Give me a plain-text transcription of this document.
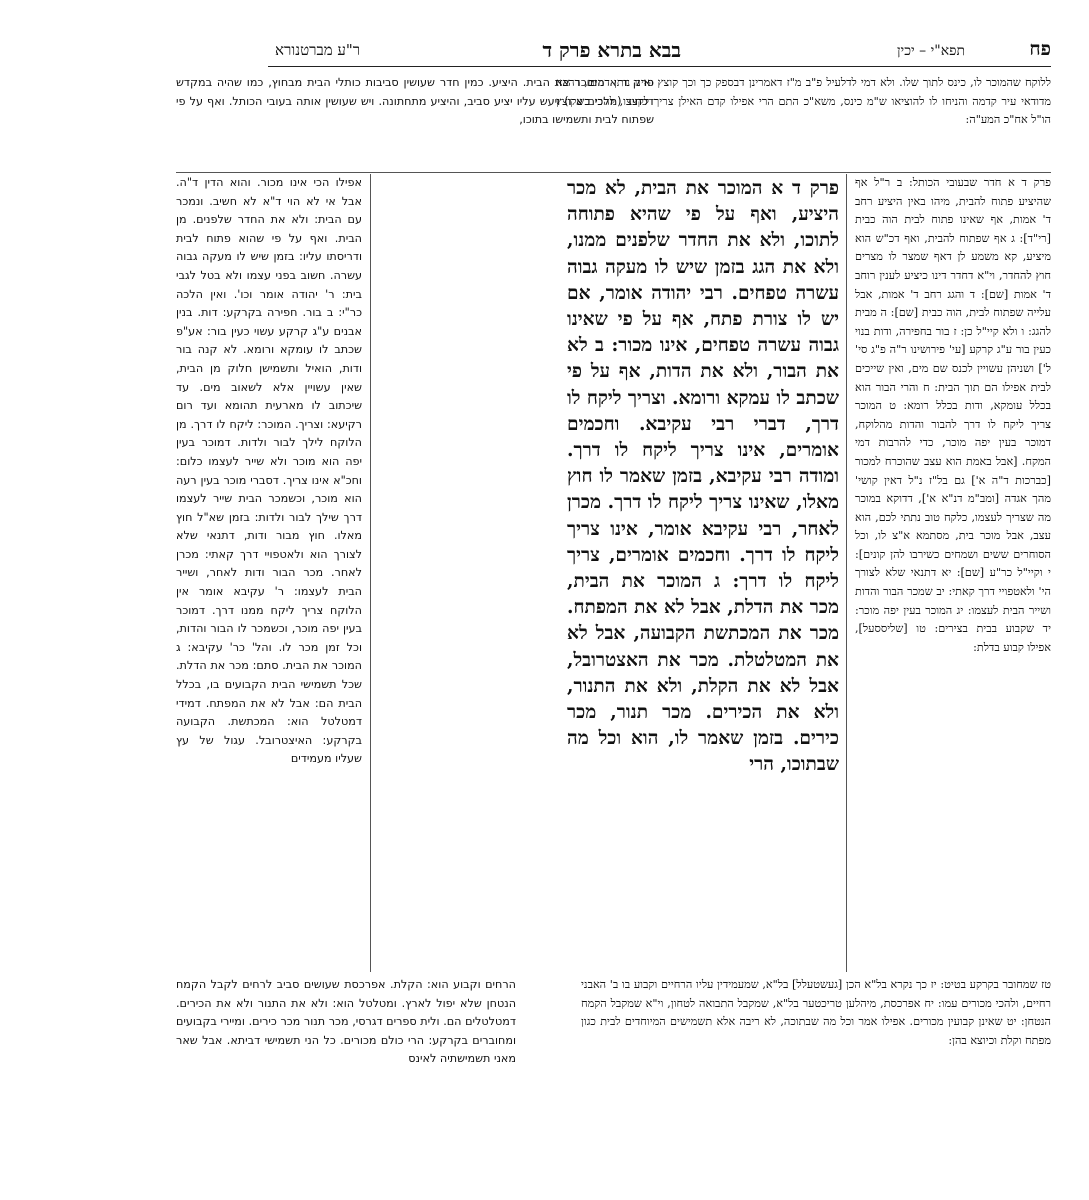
פח
תפא"י – יכין
בבא בתרא פרק ד
ר"ע מברטנורא

ללוקח שהמוכר לו, כינס לתוך שלו. ולא דמי לדלעיל פ"ב מ"ז דאמרינן דבספק כך וכך קוצץ ואינו נותן דמים, דהכא מדודאי עיר קדמה והניחו לו להוציאו ש"מ כינס, משא"כ התם הרי אפילו קדם האילן צריך לקצצו, להכי כשקוצץ הו"ל אח"כ המע"ה:

פרק ד א חדר שבעובי הכותל: ב ר"ל אף שהיציע פתוח להבית, מיהו באין היציע רחב ד' אמות, אף שאינו פתוח לבית הוה כבית [רי"ד]: ג אף שפתוח להבית, ואף דכ"ש הוא מיציע, קא משמע לן דאף שמצר לו מצרים חוץ להחדר, וי"א דחדר דינו כיציע לענין רוחב ד' אמות [שם]: ד והגג רחב ד' אמות, אבל עלייה שפתוח לבית, הוה כבית [שם]: ה מבית להגג: ו ולא קיי"ל כן: ז בור בחפירה, ודות בנוי כעין בור ע"ג קרקע [עי' פירושינו ר"ה פ"ג סי' ל'] ושניהן עשויין לכנס שם מים, ואין שייכים לבית אפילו הם תוך הבית: ח והרי הבור הוא בכלל עומקא, ודות בכלל רומא: ט המוכר צריך ליקח לו דרך להבור והדות מהלוקח, דמוכר בעין יפה מוכר, כדי להרבות דמי המקח. [אבל באמת הוא עצב שהוכרח למכור [כברכות ד"ה א'] גם בל"ז נ"ל דאין קושי' מהך אגדה [ומב"מ דנ"א א'], דדוקא במוכר מה שצריך לעצמו, כלקח טוב נתתי לכם, הוא עצב, אבל מוכר בית, מסתמא א"צ לו, וכל הסוחרים ששים ושמחים כשירבו להן קונים]: י וקיי"ל כר"ע [שם]: יא דתנאי שלא לצורך הי' ולאטפויי דרך קאתי: יב שמכר הבור והדות ושייר הבית לעצמו: יג המוכר בעין יפה מוכר: יד שקבוע בבית בצירים: טו [שליססעל], אפילו קבוע בדלת:

פרק ד א המוכר את הבית, לא מכר היציע, ואף על פי שהיא פתוחה לתוכו, ולא את החדר שלפנים ממנו, ולא את הגג בזמן שיש לו מעקה גבוה עשרה טפחים. רבי יהודה אומר, אם יש לו צורת פתח, אף על פי שאינו גבוה עשרה טפחים, אינו מכור: ב לא את הבור, ולא את הדות, אף על פי שכתב לו עמקא ורומא. וצריך ליקח לו דרך, דברי רבי עקיבא. וחכמים אומרים, אינו צריך ליקח לו דרך. ומודה רבי עקיבא, בזמן שאמר לו חוץ מאלו, שאינו צריך ליקח לו דרך. מכרן לאחר, רבי עקיבא אומר, אינו צריך ליקח לו דרך. וחכמים אומרים, צריך ליקח לו דרך: ג המוכר את הבית, מכר את הדלת, אבל לא את המפתח. מכר את המכתשת הקבועה, אבל לא את המטלטלת. מכר את האצטרובל, אבל לא את הקלת, ולא את התנור, ולא את הכירים. מכר תנור, מכר כירים. בזמן שאמר לו, הוא וכל מה שבתוכו, הרי

פרק ד א המוכר את הבית. היציע. כמין חדר שעושין סביבות כותלי הבית מבחוץ, כמו שהיה במקדש דכתיב (מלכים א ו) ויעש עליו יציע סביב, והיציע מתחתונה. ויש שעושין אותה בעובי הכותל. ואף על פי שפתוח לבית ותשמישו בתוכו,

אפילו הכי אינו מכור. והוא הדין ד"ה. אבל אי לא הוי ד"א לא חשיב. ונמכר עם הבית: ולא את החדר שלפנים. מן הבית. ואף על פי שהוא פתוח לבית ודריסתו עליו: בזמן שיש לו מעקה גבוה עשרה. חשוב בפני עצמו ולא בטל לגבי בית: ר' יהודה אומר וכו'. ואין הלכה כר"י: ב בור. חפירה בקרקע: דות. בנין אבנים ע"ג קרקע עשוי כעין בור: אע"פ שכתב לו עומקא ורומא. לא קנה בור ודות, הואיל ותשמישן חלוק מן הבית, שאין עשויין אלא לשאוב מים. עד שיכתוב לו מארעית תהומא ועד רום רקיעא: וצריך. המוכר: ליקח לו דרך. מן הלוקח לילך לבור ולדות. דמוכר בעין יפה הוא מוכר ולא שייר לעצמו כלום: וחכ"א אינו צריך. דסברי מוכר בעין רעה הוא מוכר, וכשמכר הבית שייר לעצמו דרך שילך לבור ולדות: בזמן שא"ל חוץ מאלו. חוץ מבור ודות, דתנאי שלא לצורך הוא ולאטפויי דרך קאתי: מכרן לאחר. מכר הבור ודות לאחר, ושייר הבית לעצמו: ר' עקיבא אומר אין הלוקח צריך ליקח ממנו דרך. דמוכר בעין יפה מוכר, וכשמכר לו הבור והדות, וכל זמן מכר לו. והל' כר' עקיבא: ג המוכר את הבית. סתם: מכר את הדלת. שכל תשמישי הבית הקבועים בו, בכלל הבית הם: אבל לא את המפתח. דמידי דמטלטל הוא: המכתשת. הקבועה בקרקע: האיצטרובל. עגול של עץ שעליו מעמידים

טז שמחובר בקרקע בטיט: יז כך נקרא בל"א הכן [געשטעלל] בל"א, שמעמידין עליו הרחיים וקבוע בו ב' האבני רחיים, ולהכי מכורים עמו: יח אפרכסת, מיהלען טריכטער בל"א, שמקבל התבואה לטחון, וי"א שמקבל הקמח הנטחן: יט שאינן קבועין מכורים. אפילו אמר וכל מה שבתוכה, לא ריבה אלא תשמישים המיוחדים לבית כגון מפתח וקלת וכיוצא בהן:

הרחים וקבוע הוא: הקלת. אפרכסת שעושים סביב לרחים לקבל הקמח הנטחן שלא יפול לארץ. ומטלטל הוא: ולא את התנור ולא את הכירים. דמטלטלים הם. ולית ספרים דגרסי, מכר תנור מכר כירים. ומיירי בקבועים ומחוברים בקרקע: הרי כולם מכורים. כל הני תשמישי דביתא. אבל שאר מאני תשמישתיה לאינס
